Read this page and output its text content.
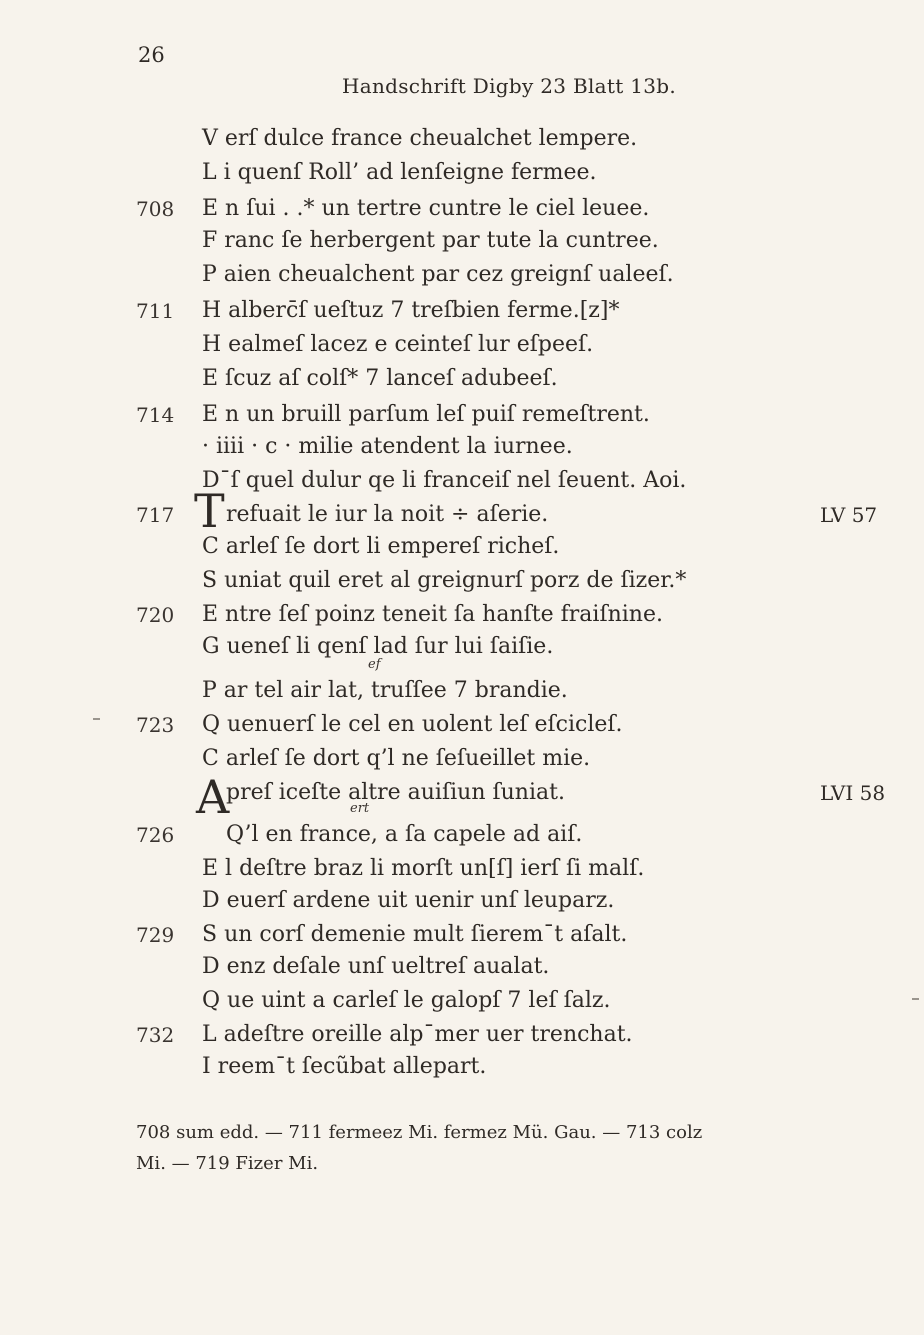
26
Handschrift Digby 23 Blatt 13b.
V erſ dulce france cheualchet lempere.
L i quenſ Roll’ ad lenſeigne fermee.
708 E n ſui . .* un tertre cuntre le ciel leuee.
F ranc ſe herbergent par tute la cuntree.
P aien cheualchent par cez greignſ ualeeſ.
711 H alberc̄ſ ueſtuz 7 treſbien ferme.[z]*
H ealmeſ lacez e ceinteſ lur eſpeeſ.
E ſcuz aſ colſ* 7 lanceſ adubeeſ.
714 E n un bruill parſum leſ puiſ remeſtrent.
· iiii · c · milie atendent la iurnee.
Dˉſ quel dulur qe li franceiſ nel ſeuent. Aoi.
717 refuait le iur la noit ÷ aſerie.	LV 57
C arleſ ſe dort li empereſ richeſ.
S uniat quil eret al greignurſ porz de ſizer.*
720 E ntre ſeſ poinz teneit ſa hanſte fraiſnine.
G ueneſ li qenſ lad ſur lui ſaiſie.
P ar tel air lat, truſſee 7 brandie.
723 Q uenuerſ le cel en uolent leſ eſcicleſ.
C arleſ ſe dort q’l ne ſeſueillet mie.
preſ iceſte altre auiſiun ſuniat.	LVI 58
726 Q’l en france, a ſa capele ad aiſ.
E l deſtre braz li morſt un[ſ] ierſ ſi malſ.
D euerſ ardene uit uenir unſ leuparz.
729 S un corſ demenie mult ſieremˉt aſalt.
D enz deſale unſ ueltreſ aualat.
Q ue uint a carleſ le galopſ 7 leſ ſalz.
732 L adeſtre oreille alpˉmer uer trenchat.
I reemˉt ſecũbat allepart.
T
A
ef
ert
708 sum edd. — 711 fermeez Mi. fermez Mü. Gau. — 713 colz
Mi. — 719 Fizer Mi.
